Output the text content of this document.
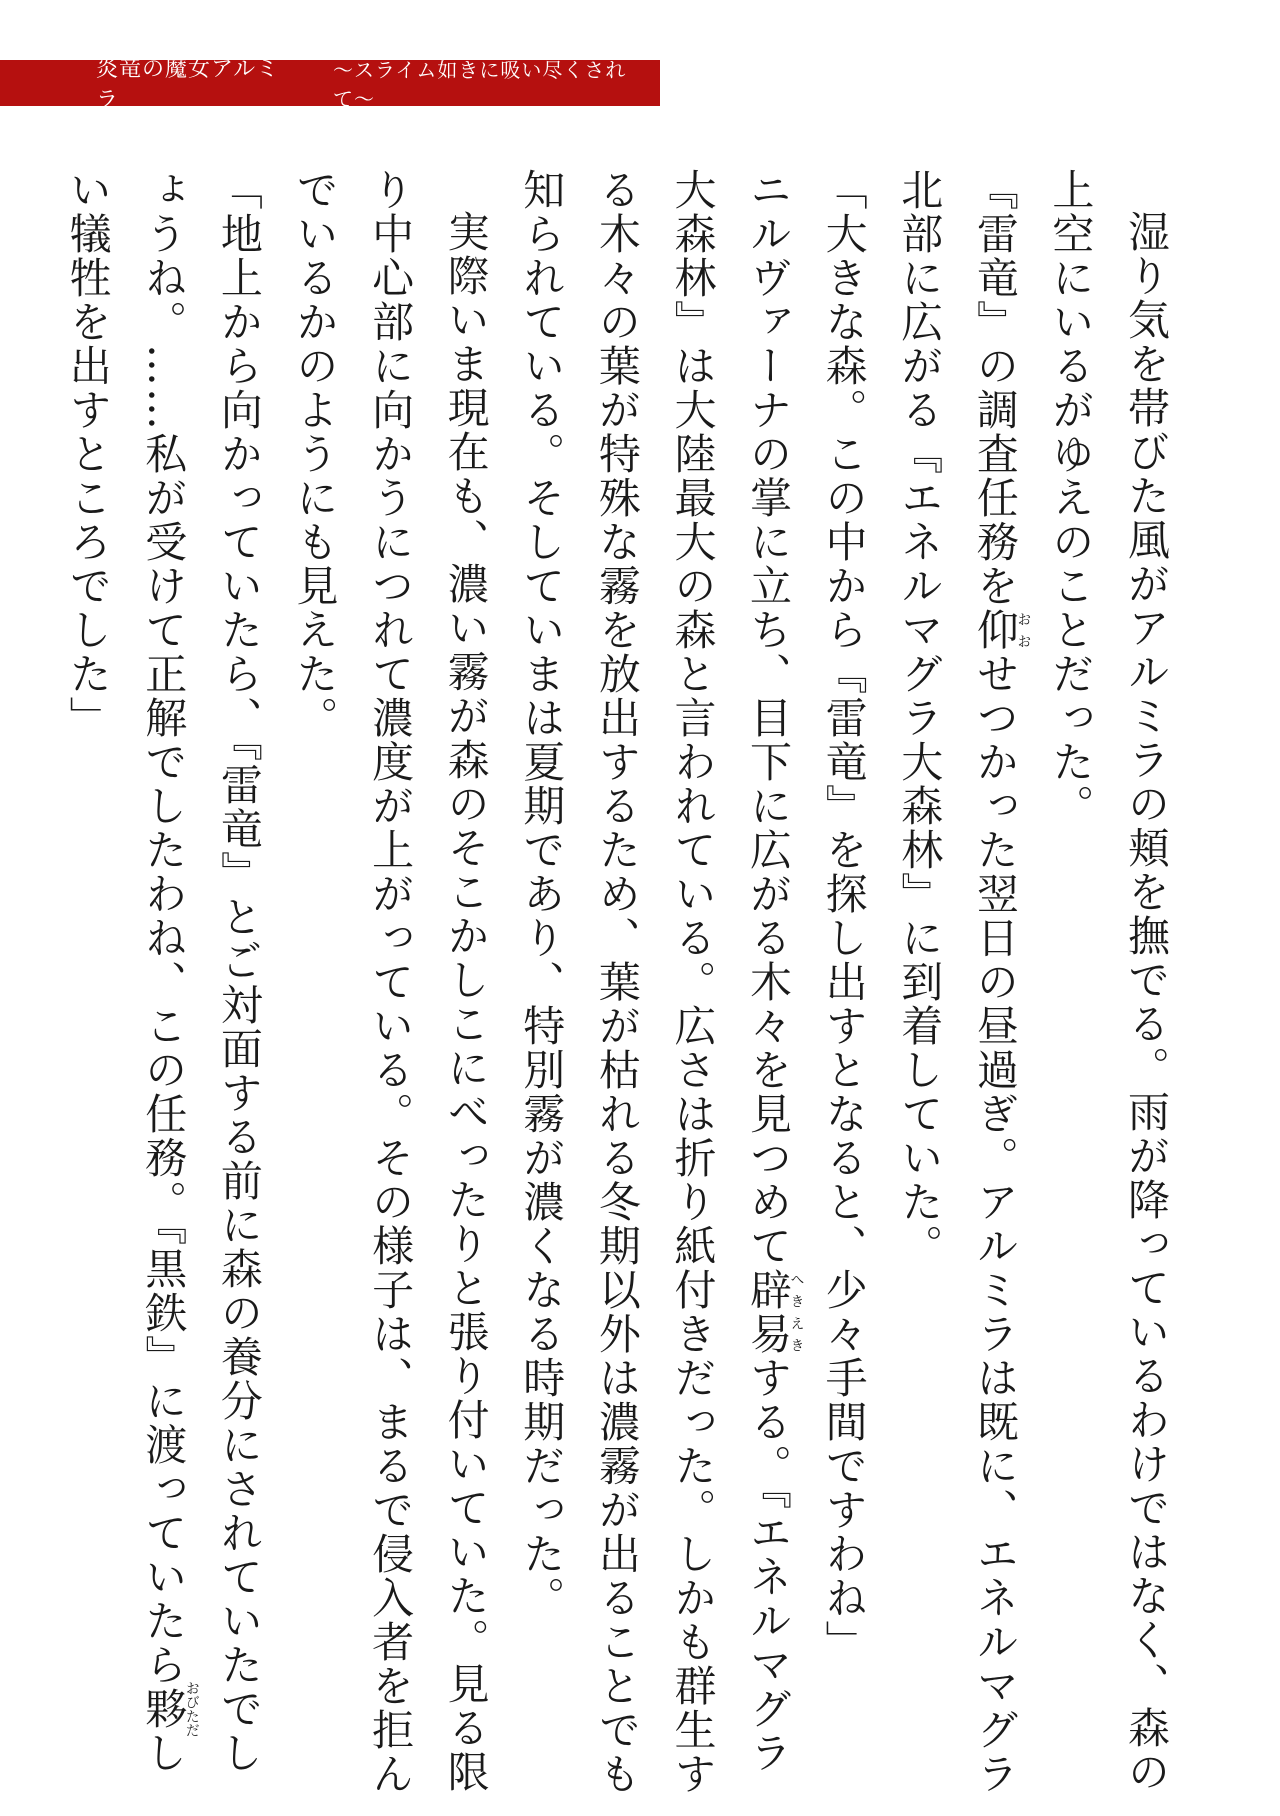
炎竜の魔女アルミラ
〜スライム如きに吸い尽くされて〜

湿り気を帯びた風がアルミラの頬を撫でる。雨が降っているわけではなく、森の上空にいるがゆえのことだった。

『雷竜』の調査任務を仰おおせつかった翌日の昼過ぎ。アルミラは既に、エネルマグラ北部に広がる『エネルマグラ大森林』に到着していた。

「大きな森。この中から『雷竜』を探し出すとなると、少々手間ですわね」

ニルヴァーナの掌に立ち、目下に広がる木々を見つめて辟易へきえきする。『エネルマグラ大森林』は大陸最大の森と言われている。広さは折り紙付きだった。しかも群生する木々の葉が特殊な霧を放出するため、葉が枯れる冬期以外は濃霧が出ることでも知られている。そしていまは夏期であり、特別霧が濃くなる時期だった。

実際いま現在も、濃い霧が森のそこかしこにべったりと張り付いていた。見る限り中心部に向かうにつれて濃度が上がっている。その様子は、まるで侵入者を拒んでいるかのようにも見えた。

「地上から向かっていたら、『雷竜』とご対面する前に森の養分にされていたでしょうね。……私が受けて正解でしたわね、この任務。『黒鉄』に渡っていたら夥おびただしい犠牲を出すところでした」
